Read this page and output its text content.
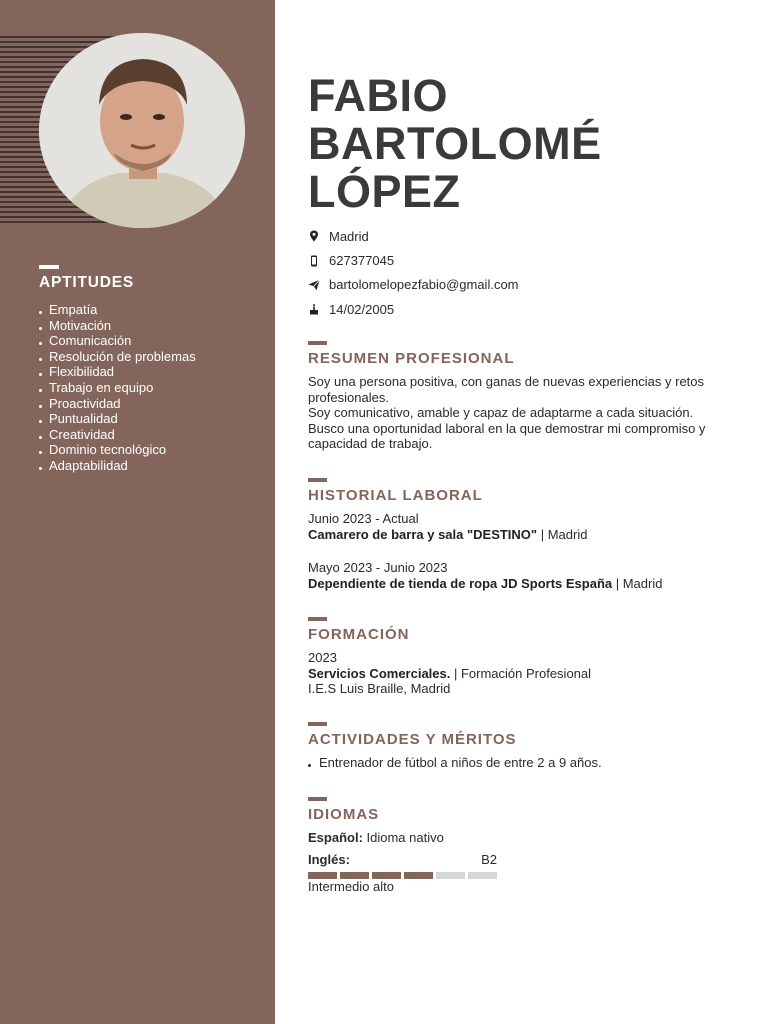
APTITUDES
Empatía
Motivación
Comunicación
Resolución de problemas
Flexibilidad
Trabajo en equipo
Proactividad
Puntualidad
Creatividad
Dominio tecnológico
Adaptabilidad
FABIO
BARTOLOMÉ
LÓPEZ
Madrid
627377045
bartolomelopezfabio@gmail.com
14/02/2005
RESUMEN PROFESIONAL
Soy una persona positiva, con ganas de nuevas experiencias y retos profesionales.
Soy comunicativo, amable y capaz de adaptarme a cada situación.
Busco una oportunidad laboral en la que demostrar mi compromiso y capacidad de trabajo.
HISTORIAL LABORAL
Junio 2023 - Actual
Camarero de barra y sala "DESTINO" | Madrid
Mayo 2023 - Junio 2023
Dependiente de tienda de ropa JD Sports España | Madrid
FORMACIÓN
2023
Servicios Comerciales. | Formación Profesional
I.E.S Luis Braille, Madrid
ACTIVIDADES Y MÉRITOS
Entrenador de fútbol a niños de entre 2 a 9 años.
IDIOMAS
Español: Idioma nativo
Inglés:	B2
Intermedio alto
